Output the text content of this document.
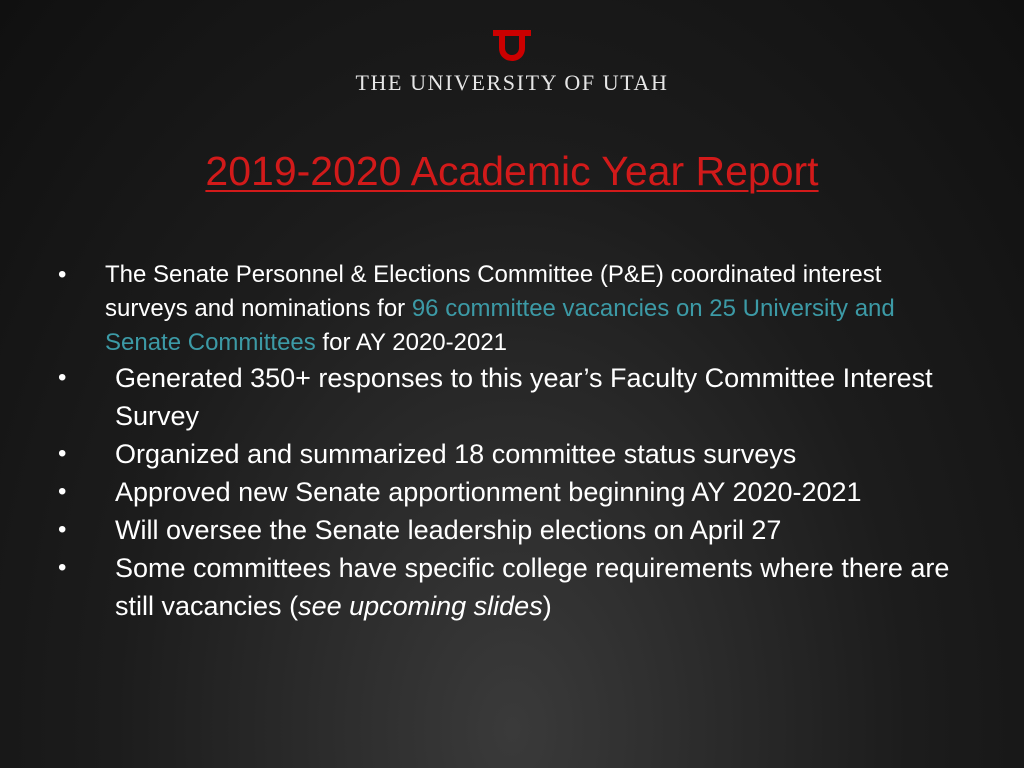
THE UNIVERSITY OF UTAH
2019-2020 Academic Year Report
• The Senate Personnel & Elections Committee (P&E) coordinated interest surveys and nominations for 96 committee vacancies on 25 University and Senate Committees for AY 2020-2021
• Generated 350+ responses to this year’s Faculty Committee Interest Survey
• Organized and summarized 18 committee status surveys
• Approved new Senate apportionment beginning AY 2020-2021
• Will oversee the Senate leadership elections on April 27
• Some committees have specific college requirements where there are still vacancies (see upcoming slides)
